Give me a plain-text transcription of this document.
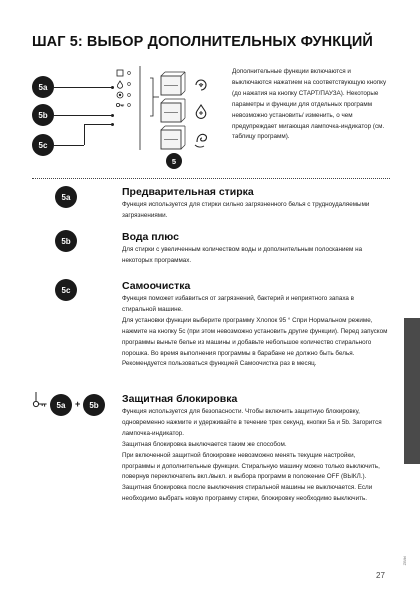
ШАГ 5: ВЫБОР ДОПОЛНИТЕЛЬНЫХ ФУНКЦИЙ
5a
5b
5c
5
Дополнительные функции включаются и выключаются нажатием на соответствующую кнопку (до нажатия на кнопку СТАРТ/ПАУЗА). Некоторые параметры и функции для отдельных программ невозможно установить/ изменить, о чем предупреждает мигающая лампочка-индикатор (см. таблицу программ).
5a	Предварительная стирка

Функция используется для стирки сильно загрязненного белья с трудноудаляемыми загрязнениями.

5b	Вода плюс

Для стирки с увеличенным количеством воды и дополнительным полосканием на некоторых программах.

5c	Самоочистка

Функция поможет избавиться от загрязнений, бактерий и неприятного запаха в стиральной машине.

Для установки функции выберите программу Хлопок 95 ° Спри Нормальном режиме, нажмите на кнопку 5с (при этом невозможно установить другие функции). Перед запуском программы выньте белье из машины и добавьте небольшое количество стирального порошка. Во время выполнения программы в барабане не должно быть белья. Рекомендуется пользоваться функцией Самоочистка раз в месяц.

5a + 5b Защитная блокировка

Функция используется для безопасности. Чтобы включить защитную блокировку, одновременно нажмите и удерживайте в течение трех секунд, кнопки 5a и 5b. Загорится лампочка-индикатор.

Защитная блокировка выключается таким же способом.

При включенной защитной блокировке невозможно менять текущие настройки, программы и дополнительные функции. Стиральную машину можно только выключить, повернув переключатель вкл./выкл. и выбора программ в положение OFF (ВЫКЛ.). Защитная блокировка после выключения стиральной машины не выключается. Если необходимо выбрать новую программу стирки, блокировку необходимо выключить.

ZB/bl
27
